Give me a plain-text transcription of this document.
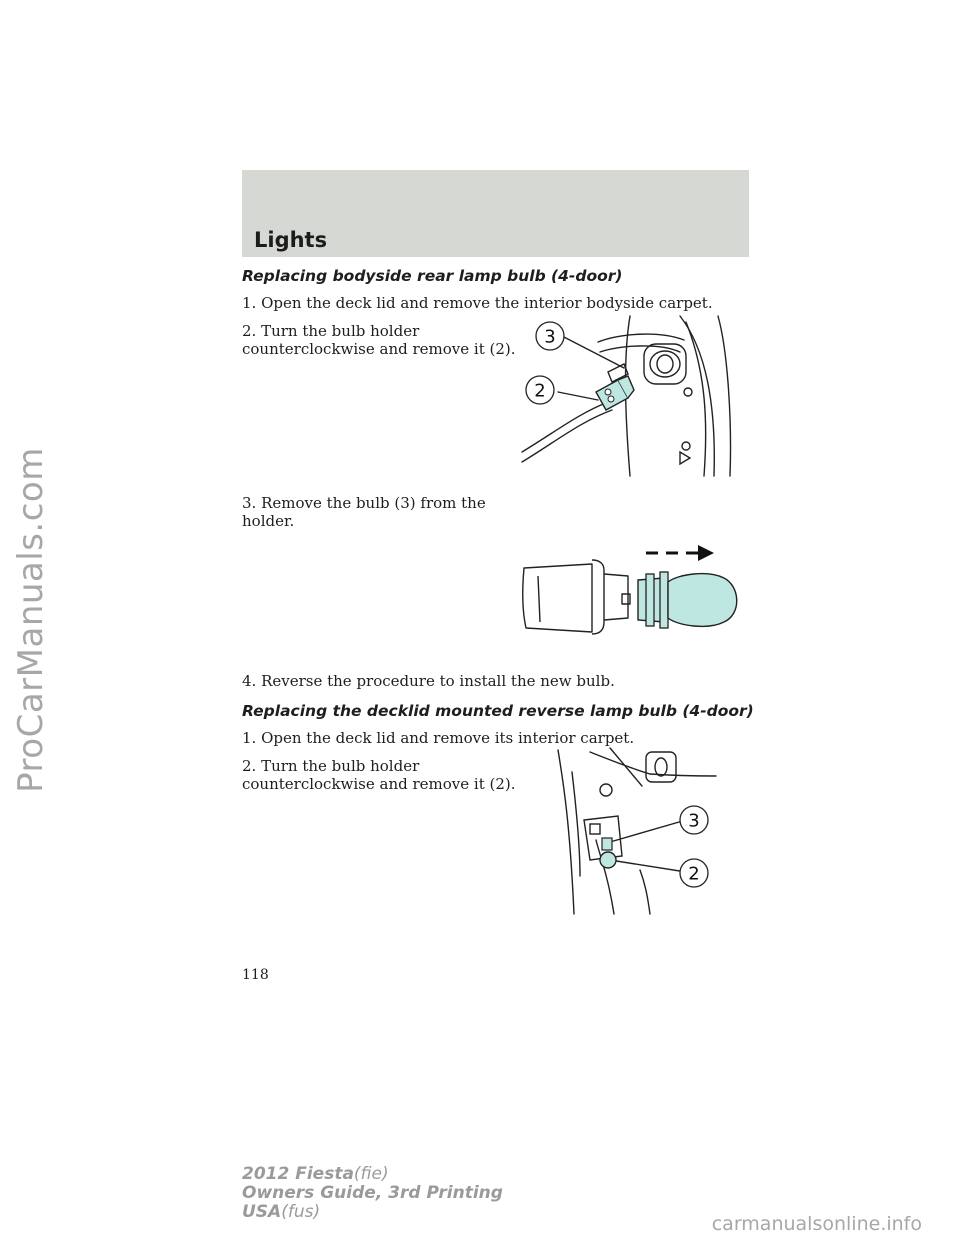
ProCarManuals.com
Lights
Replacing bodyside rear lamp bulb (4-door)
1. Open the deck lid and remove the interior bodyside carpet.
2. Turn the bulb holder
counterclockwise and remove it (2).
3
2
3. Remove the bulb (3) from the
holder.
4. Reverse the procedure to install the new bulb.
Replacing the decklid mounted reverse lamp bulb (4-door)
1. Open the deck lid and remove its interior carpet.
2. Turn the bulb holder
counterclockwise and remove it (2).
3
2
118
2012 Fiesta(fie)
Owners Guide, 3rd Printing
USA(fus)
carmanualsonline.info
